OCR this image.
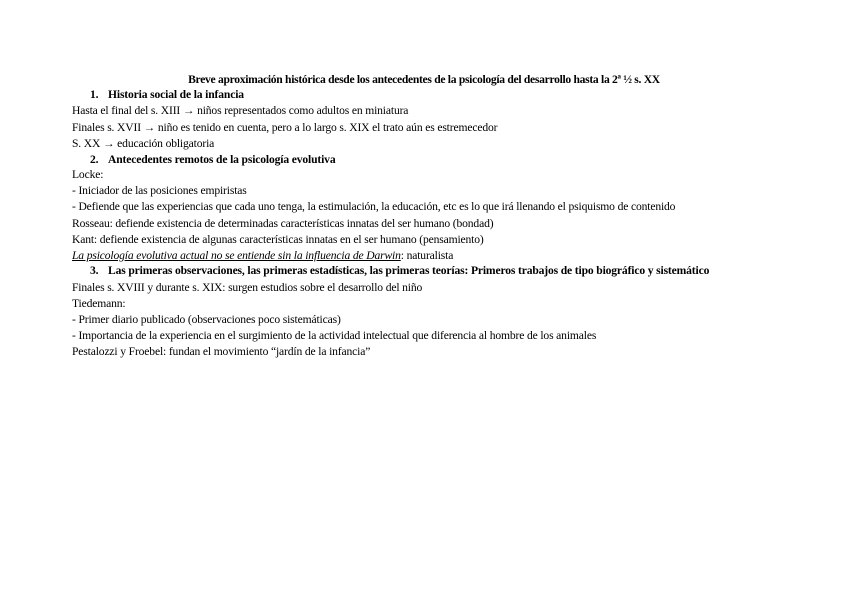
Breve aproximación histórica desde los antecedentes de la psicología del desarrollo hasta la 2ª ½ s. XX
1. Historia social de la infancia
Hasta el final del s. XIII → niños representados como adultos en miniatura
Finales s. XVII → niño es tenido en cuenta, pero a lo largo s. XIX el trato aún es estremecedor
S. XX → educación obligatoria
2. Antecedentes remotos de la psicología evolutiva
Locke:
- Iniciador de las posiciones empiristas
- Defiende que las experiencias que cada uno tenga, la estimulación, la educación, etc es lo que irá llenando el psiquismo de contenido
Rosseau: defiende existencia de determinadas características innatas del ser humano (bondad)
Kant: defiende existencia de algunas características innatas en el ser humano (pensamiento)
La psicología evolutiva actual no se entiende sin la influencia de Darwin: naturalista
3. Las primeras observaciones, las primeras estadísticas, las primeras teorías: Primeros trabajos de tipo biográfico y sistemático
Finales s. XVIII y durante s. XIX: surgen estudios sobre el desarrollo del niño
Tiedemann:
- Primer diario publicado (observaciones poco sistemáticas)
- Importancia de la experiencia en el surgimiento de la actividad intelectual que diferencia al hombre de los animales
Pestalozzi y Froebel: fundan el movimiento “jardín de la infancia”
